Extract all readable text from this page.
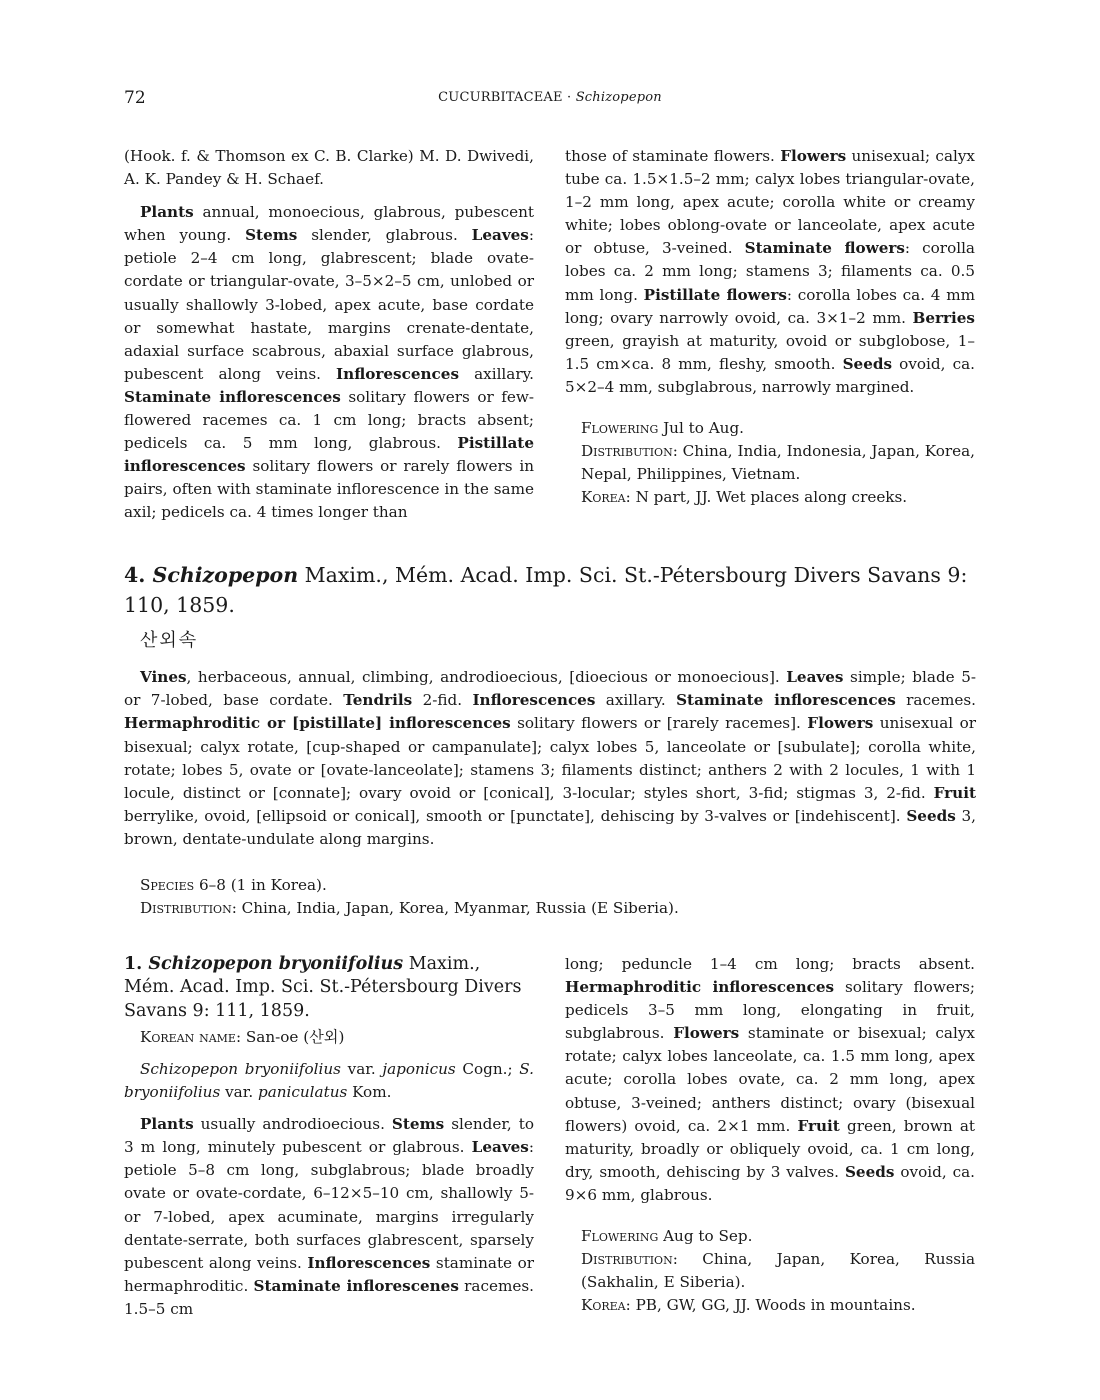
72	CUCURBITACEAE · Schizopepon

(Hook. f. & Thomson ex C. B. Clarke) M. D. Dwivedi, A. K. Pandey & H. Schaef.

Plants annual, monoecious, glabrous, pubescent when young. Stems slender, glabrous. Leaves: petiole 2–4 cm long, glabrescent; blade ovate-cordate or triangular-ovate, 3–5×2–5 cm, unlobed or usually shallowly 3-lobed, apex acute, base cordate or somewhat hastate, margins crenate-dentate, adaxial surface scabrous, abaxial surface glabrous, pubescent along veins. Inflorescences axillary. Staminate inflorescences solitary flowers or few-flowered racemes ca. 1 cm long; bracts absent; pedicels ca. 5 mm long, glabrous. Pistillate inflorescences solitary flowers or rarely flowers in pairs, often with staminate inflorescence in the same axil; pedicels ca. 4 times longer than

those of staminate flowers. Flowers unisexual; calyx tube ca. 1.5×1.5–2 mm; calyx lobes triangular-ovate, 1–2 mm long, apex acute; corolla white or creamy white; lobes oblong-ovate or lanceolate, apex acute or obtuse, 3-veined. Staminate flowers: corolla lobes ca. 2 mm long; stamens 3; filaments ca. 0.5 mm long. Pistillate flowers: corolla lobes ca. 4 mm long; ovary narrowly ovoid, ca. 3×1–2 mm. Berries green, grayish at maturity, ovoid or subglobose, 1–1.5 cm×ca. 8 mm, fleshy, smooth. Seeds ovoid, ca. 5×2–4 mm, subglabrous, narrowly margined.

Flowering Jul to Aug.

Distribution: China, India, Indonesia, Japan, Korea, Nepal, Philippines, Vietnam.

Korea: N part, JJ. Wet places along creeks.

4. Schizopepon Maxim., Mém. Acad. Imp. Sci. St.-Pétersbourg Divers Savans 9: 110, 1859.
산외속

Vines, herbaceous, annual, climbing, androdioecious, [dioecious or monoecious]. Leaves simple; blade 5- or 7-lobed, base cordate. Tendrils 2-fid. Inflorescences axillary. Staminate inflorescences racemes. Hermaphroditic or [pistillate] inflorescences solitary flowers or [rarely racemes]. Flowers unisexual or bisexual; calyx rotate, [cup-shaped or campanulate]; calyx lobes 5, lanceolate or [subulate]; corolla white, rotate; lobes 5, ovate or [ovate-lanceolate]; stamens 3; filaments distinct; anthers 2 with 2 locules, 1 with 1 locule, distinct or [connate]; ovary ovoid or [conical], 3-locular; styles short, 3-fid; stigmas 3, 2-fid. Fruit berrylike, ovoid, [ellipsoid or conical], smooth or [punctate], dehiscing by 3-valves or [indehiscent]. Seeds 3, brown, dentate-undulate along margins.

Species 6–8 (1 in Korea).

Distribution: China, India, Japan, Korea, Myanmar, Russia (E Siberia).

1. Schizopepon bryoniifolius Maxim., Mém. Acad. Imp. Sci. St.-Pétersbourg Divers Savans 9: 111, 1859.

Korean name: San-oe (산외)

Schizopepon bryoniifolius var. japonicus Cogn.; S. bryoniifolius var. paniculatus Kom.

Plants usually androdioecious. Stems slender, to 3 m long, minutely pubescent or glabrous. Leaves: petiole 5–8 cm long, subglabrous; blade broadly ovate or ovate-cordate, 6–12×5–10 cm, shallowly 5- or 7-lobed, apex acuminate, margins irregularly dentate-serrate, both surfaces glabrescent, sparsely pubescent along veins. Inflorescences staminate or hermaphroditic. Staminate inflorescenes racemes. 1.5–5 cm

long; peduncle 1–4 cm long; bracts absent. Hermaphroditic inflorescences solitary flowers; pedicels 3–5 mm long, elongating in fruit, subglabrous. Flowers staminate or bisexual; calyx rotate; calyx lobes lanceolate, ca. 1.5 mm long, apex acute; corolla lobes ovate, ca. 2 mm long, apex obtuse, 3-veined; anthers distinct; ovary (bisexual flowers) ovoid, ca. 2×1 mm. Fruit green, brown at maturity, broadly or obliquely ovoid, ca. 1 cm long, dry, smooth, dehiscing by 3 valves. Seeds ovoid, ca. 9×6 mm, glabrous.

Flowering Aug to Sep.

Distribution: China, Japan, Korea, Russia (Sakhalin, E Siberia).

Korea: PB, GW, GG, JJ. Woods in mountains.
